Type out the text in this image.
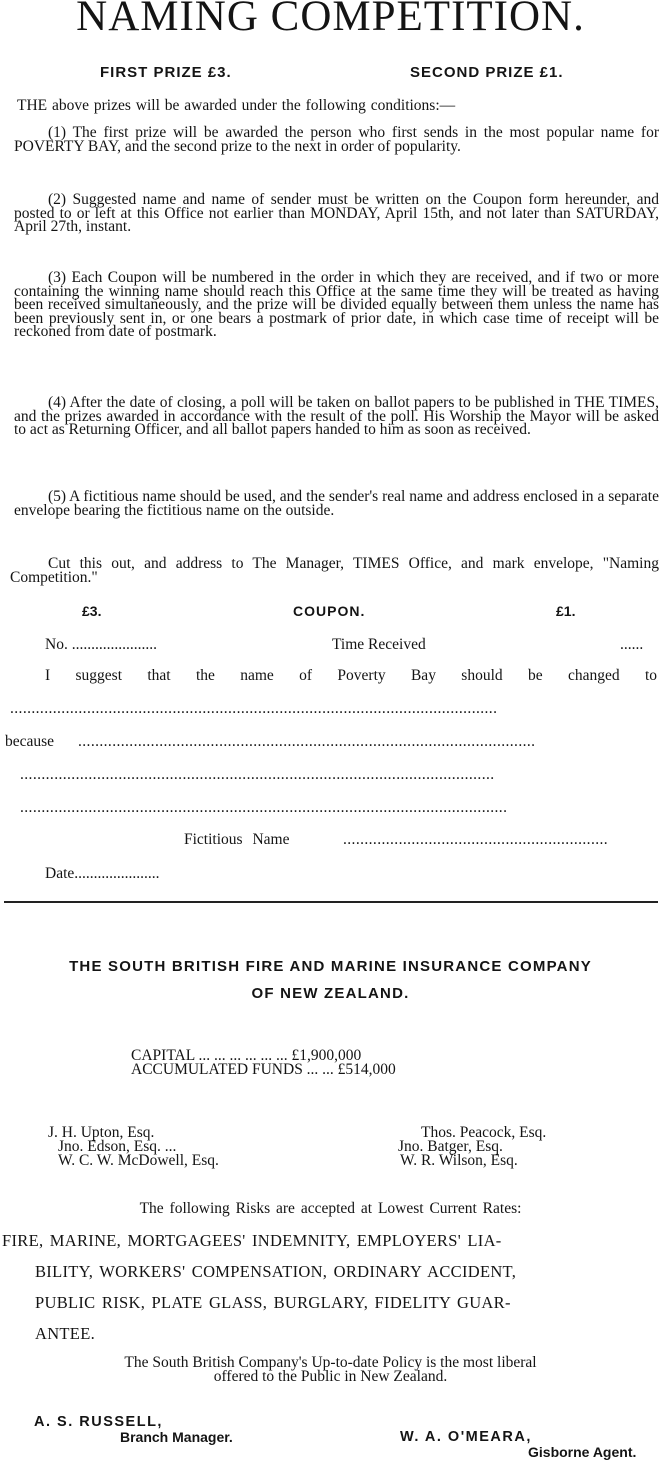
NAMING COMPETITION.
FIRST PRIZE £3.	SECOND PRIZE £1.
THE above prizes will be awarded under the following conditions:—
(1) The first prize will be awarded the person who first sends in the most popular name for POVERTY BAY, and the second prize to the next in order of popularity.
(2) Suggested name and name of sender must be written on the Coupon form hereunder, and posted to or left at this Office not earlier than MONDAY, April 15th, and not later than SATURDAY, April 27th, instant.
(3) Each Coupon will be numbered in the order in which they are received, and if two or more containing the winning name should reach this Office at the same time they will be treated as having been received simultaneously, and the prize will be divided equally between them unless the name has been previously sent in, or one bears a postmark of prior date, in which case time of receipt will be reckoned from date of postmark.
(4) After the date of closing, a poll will be taken on ballot papers to be published in THE TIMES, and the prizes awarded in accordance with the result of the poll. His Worship the Mayor will be asked to act as Returning Officer, and all ballot papers handed to him as soon as received.
(5) A fictitious name should be used, and the sender's real name and address enclosed in a separate envelope bearing the fictitious name on the outside.
Cut this out, and address to The Manager, TIMES Office, and mark envelope, "Naming Competition."
£3.	COUPON.	£1.
No. ......................	Time Received	......
I suggest that the name of Poverty Bay should be changed to
..................................................................................................................
because ...........................................................................................................
...............................................................................................................
..................................................................................................................
Fictitious Name	..............................................................
Date......................
THE SOUTH BRITISH FIRE AND MARINE INSURANCE COMPANY
OF NEW ZEALAND.
CAPITAL ... ... ... ... ... ... £1,900,000
ACCUMULATED FUNDS ... ... £514,000
J. H. Upton, Esq.
Jno. Edson, Esq. ...
W. C. W. McDowell, Esq.
Thos. Peacock, Esq.
Jno. Batger, Esq.
W. R. Wilson, Esq.
The following Risks are accepted at Lowest Current Rates:
FIRE, MARINE, MORTGAGEES' INDEMNITY, EMPLOYERS' LIA-
BILITY, WORKERS' COMPENSATION, ORDINARY ACCIDENT,
PUBLIC RISK, PLATE GLASS, BURGLARY, FIDELITY GUAR-
ANTEE.
The South British Company's Up-to-date Policy is the most liberal
offered to the Public in New Zealand.
A. S. RUSSELL,
Branch Manager.	W. A. O'MEARA,
Gisborne Agent.
